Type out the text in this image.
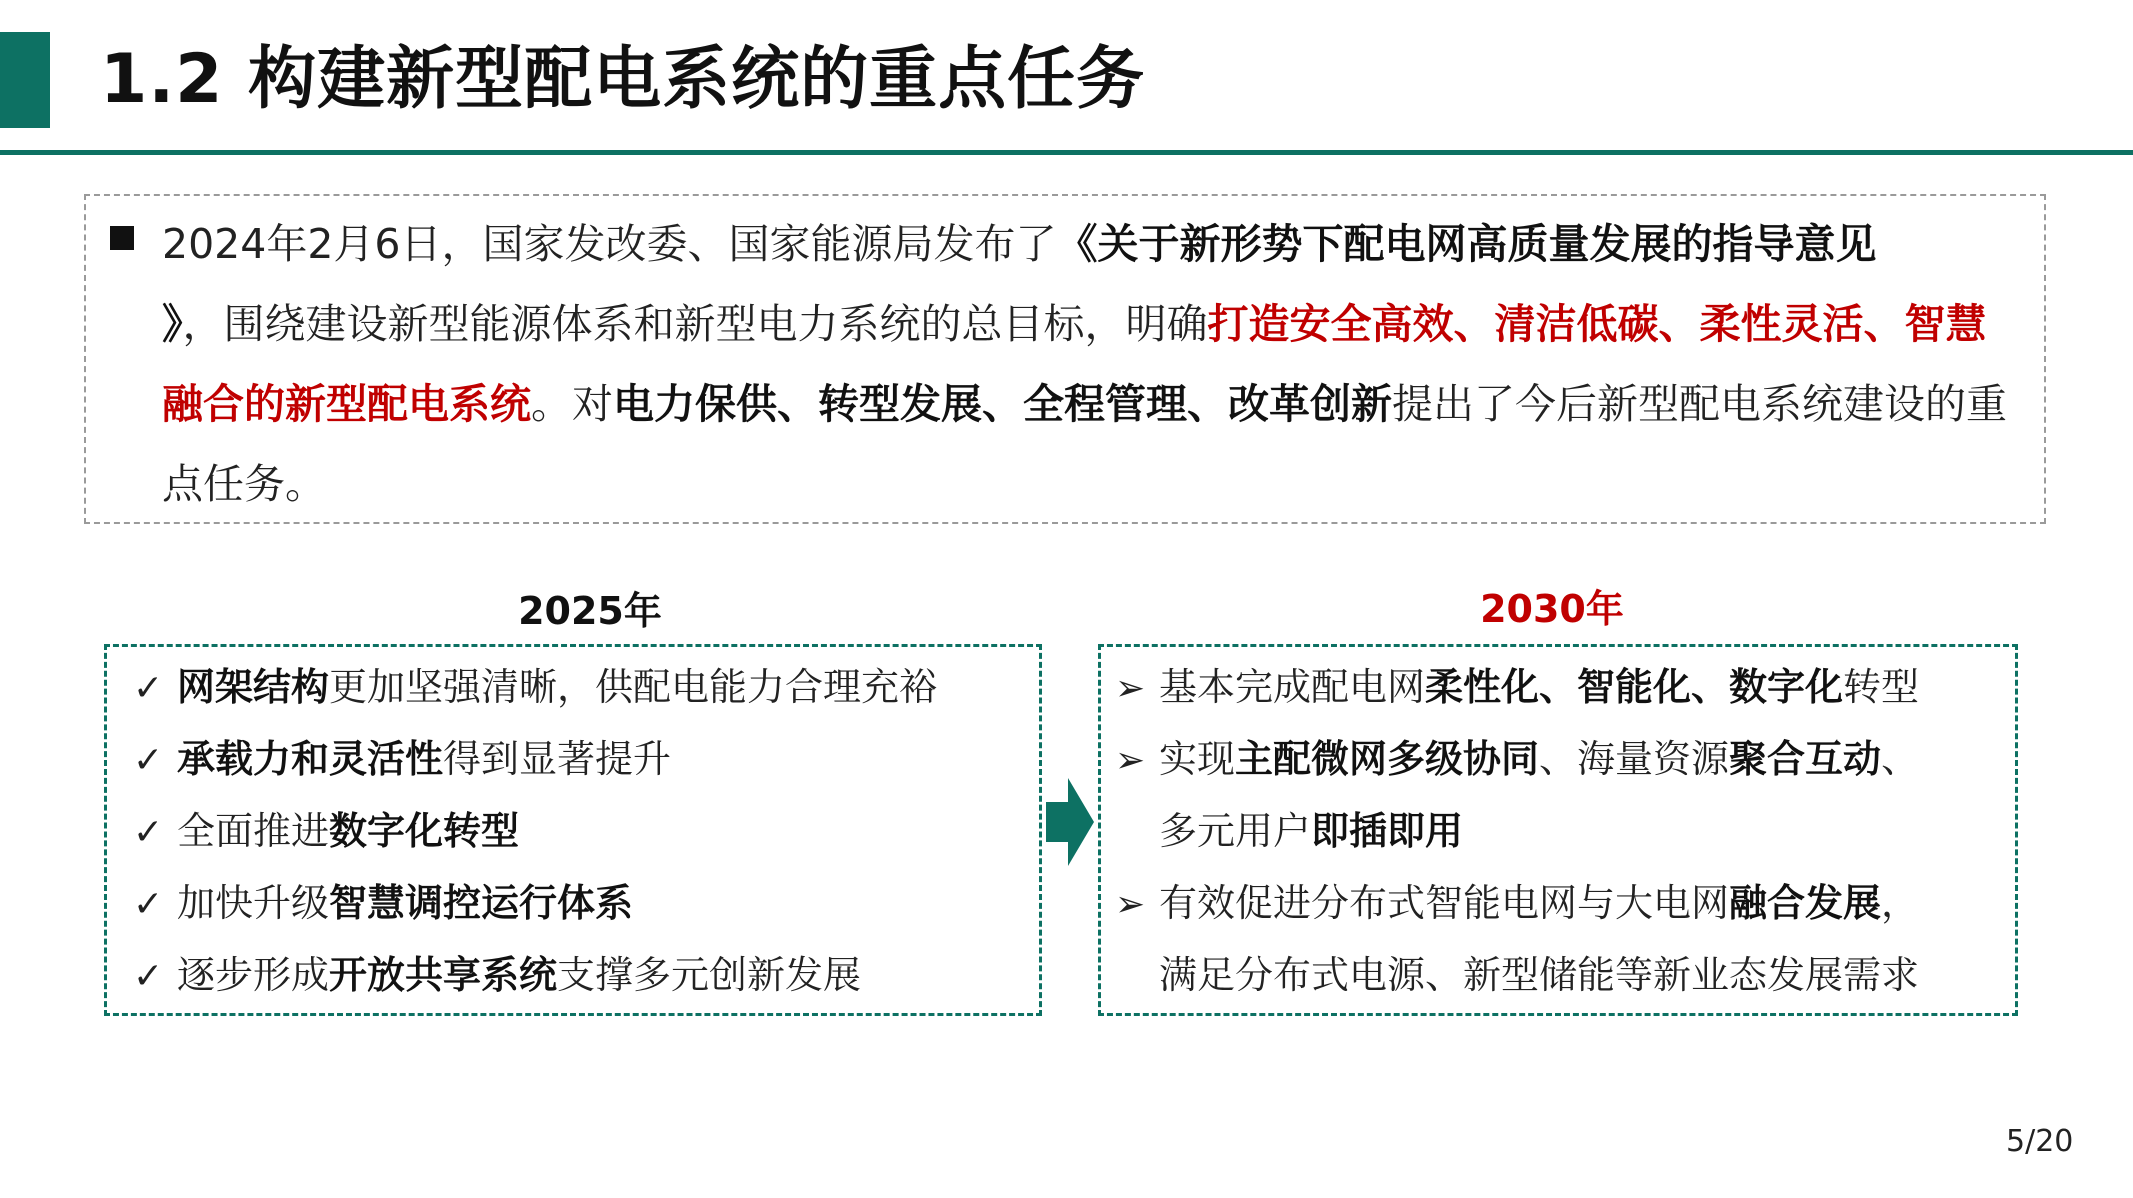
1.2 构建新型配电系统的重点任务
2024年2月6日，国家发改委、国家能源局发布了《关于新形势下配电网高质量发展的指导意见
》，围绕建设新型能源体系和新型电力系统的总目标，明确打造安全高效、清洁低碳、柔性灵活、智慧融合的新型配电系统。对电力保供、转型发展、全程管理、改革创新提出了今后新型配电系统建设的重点任务。
2025年	2030年
✓ 网架结构更加坚强清晰，供配电能力合理充裕
✓ 承载力和灵活性得到显著提升
✓ 全面推进数字化转型
✓ 加快升级智慧调控运行体系
✓ 逐步形成开放共享系统支撑多元创新发展
➢ 基本完成配电网柔性化、智能化、数字化转型
➢ 实现主配微网多级协同、海量资源聚合互动、
多元用户即插即用
➢ 有效促进分布式智能电网与大电网融合发展，
满足分布式电源、新型储能等新业态发展需求
5/20
